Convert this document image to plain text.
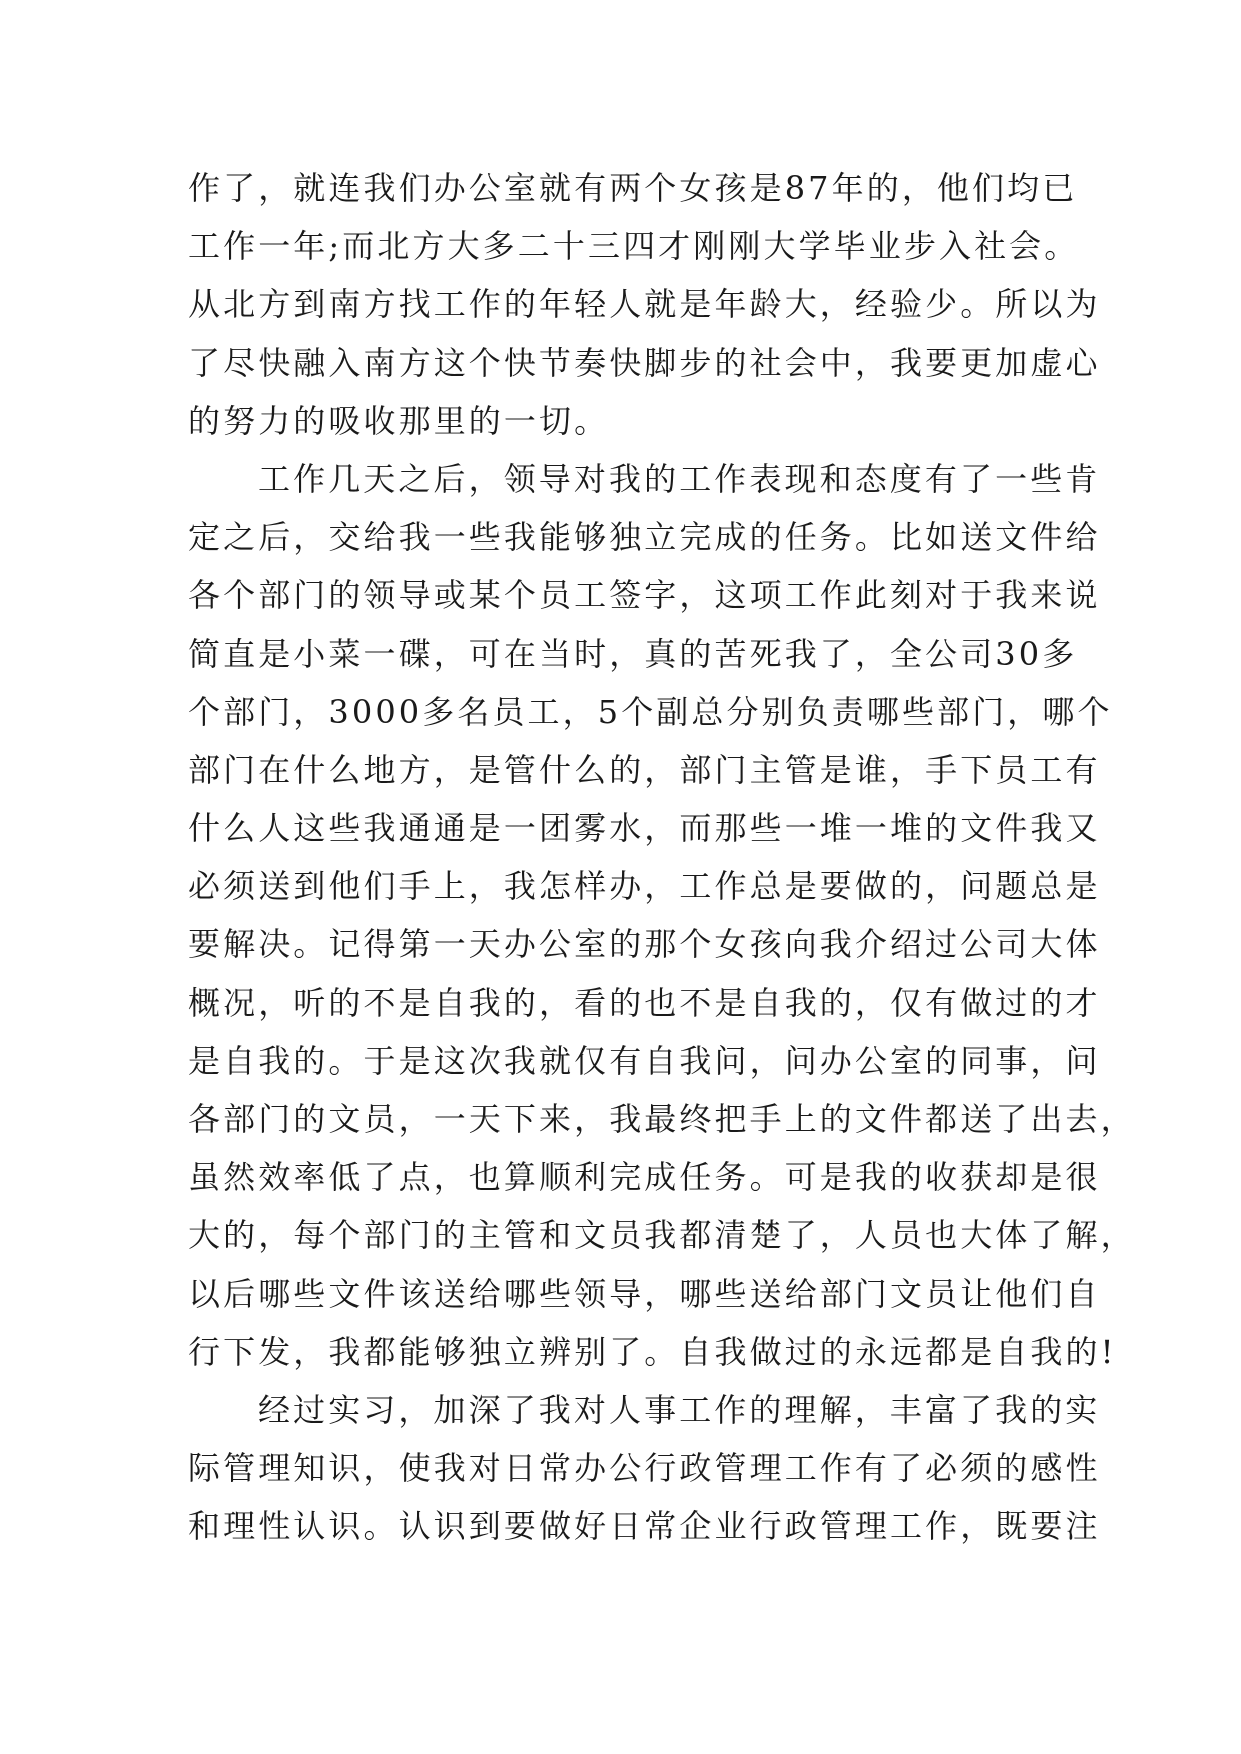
作了，就连我们办公室就有两个女孩是87年的，他们均已
工作一年;而北方大多二十三四才刚刚大学毕业步入社会。
从北方到南方找工作的年轻人就是年龄大，经验少。所以为
了尽快融入南方这个快节奏快脚步的社会中，我要更加虚心
的努力的吸收那里的一切。
工作几天之后，领导对我的工作表现和态度有了一些肯
定之后，交给我一些我能够独立完成的任务。比如送文件给
各个部门的领导或某个员工签字，这项工作此刻对于我来说
简直是小菜一碟，可在当时，真的苦死我了，全公司30多
个部门，3000多名员工，5个副总分别负责哪些部门，哪个
部门在什么地方，是管什么的，部门主管是谁，手下员工有
什么人这些我通通是一团雾水，而那些一堆一堆的文件我又
必须送到他们手上，我怎样办，工作总是要做的，问题总是
要解决。记得第一天办公室的那个女孩向我介绍过公司大体
概况，听的不是自我的，看的也不是自我的，仅有做过的才
是自我的。于是这次我就仅有自我问，问办公室的同事，问
各部门的文员，一天下来，我最终把手上的文件都送了出去，
虽然效率低了点，也算顺利完成任务。可是我的收获却是很
大的，每个部门的主管和文员我都清楚了，人员也大体了解，
以后哪些文件该送给哪些领导，哪些送给部门文员让他们自
行下发，我都能够独立辨别了。自我做过的永远都是自我的!
经过实习，加深了我对人事工作的理解，丰富了我的实
际管理知识，使我对日常办公行政管理工作有了必须的感性
和理性认识。认识到要做好日常企业行政管理工作，既要注
